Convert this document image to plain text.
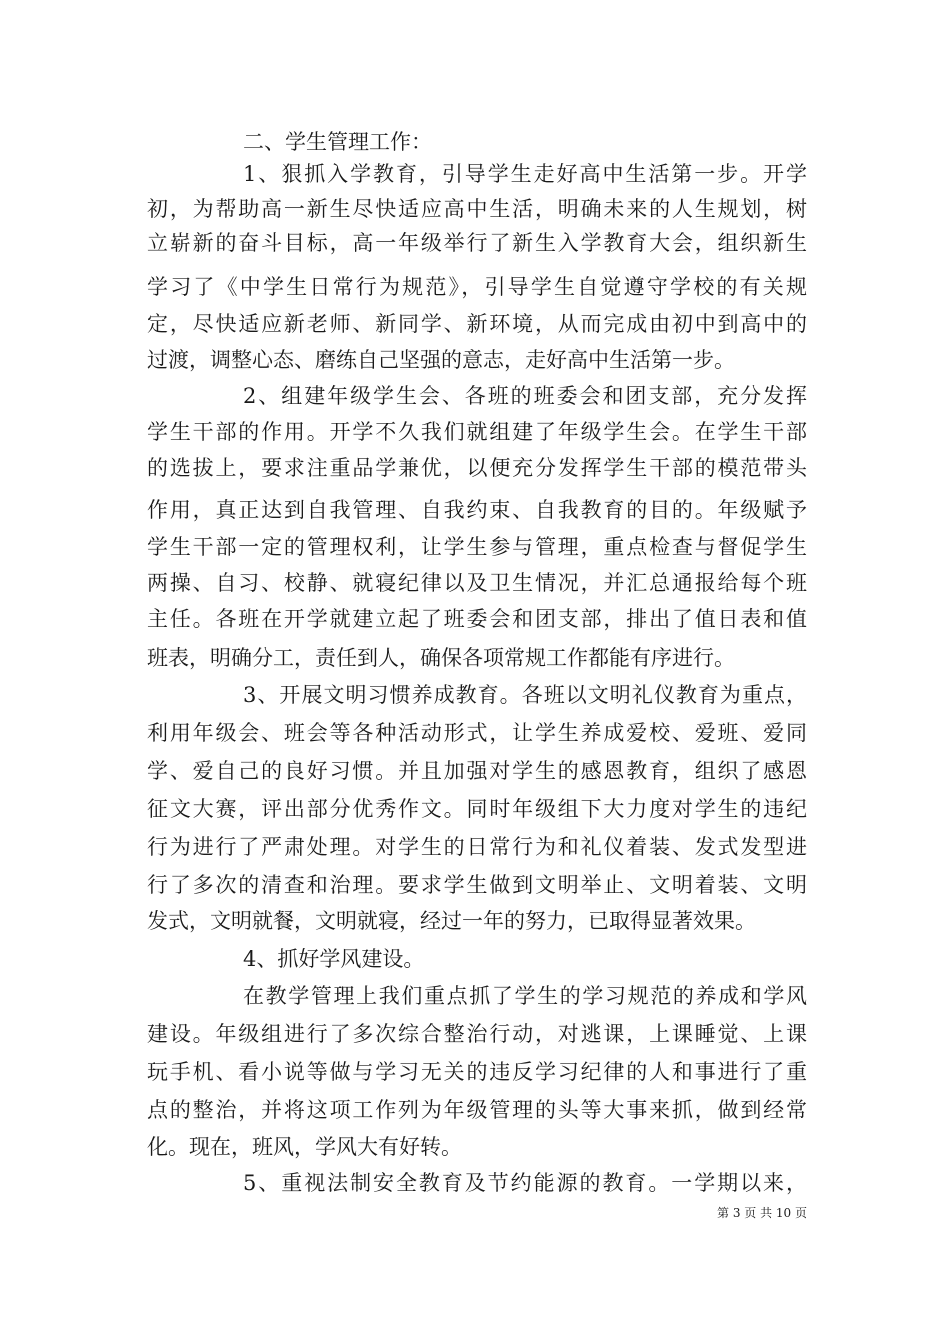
二、学生管理工作：
1、狠抓入学教育，引导学生走好高中生活第一步。开学
初，为帮助高一新生尽快适应高中生活，明确未来的人生规划，树
立崭新的奋斗目标，高一年级举行了新生入学教育大会，组织新生
学习了《中学生日常行为规范》，引导学生自觉遵守学校的有关规
定，尽快适应新老师、新同学、新环境，从而完成由初中到高中的
过渡，调整心态、磨练自己坚强的意志，走好高中生活第一步。
2、组建年级学生会、各班的班委会和团支部，充分发挥
学生干部的作用。开学不久我们就组建了年级学生会。在学生干部
的选拔上，要求注重品学兼优，以便充分发挥学生干部的模范带头
作用，真正达到自我管理、自我约束、自我教育的目的。年级赋予
学生干部一定的管理权利，让学生参与管理，重点检查与督促学生
两操、自习、校静、就寝纪律以及卫生情况，并汇总通报给每个班
主任。各班在开学就建立起了班委会和团支部，排出了值日表和值
班表，明确分工，责任到人，确保各项常规工作都能有序进行。
3、开展文明习惯养成教育。各班以文明礼仪教育为重点，
利用年级会、班会等各种活动形式，让学生养成爱校、爱班、爱同
学、爱自己的良好习惯。并且加强对学生的感恩教育，组织了感恩
征文大赛，评出部分优秀作文。同时年级组下大力度对学生的违纪
行为进行了严肃处理。对学生的日常行为和礼仪着装、发式发型进
行了多次的清查和治理。要求学生做到文明举止、文明着装、文明
发式，文明就餐，文明就寝，经过一年的努力，已取得显著效果。
4、抓好学风建设。
在教学管理上我们重点抓了学生的学习规范的养成和学风
建设。年级组进行了多次综合整治行动，对逃课，上课睡觉、上课
玩手机、看小说等做与学习无关的违反学习纪律的人和事进行了重
点的整治，并将这项工作列为年级管理的头等大事来抓，做到经常
化。现在，班风，学风大有好转。
5、重视法制安全教育及节约能源的教育。一学期以来，
第 3 页 共 10 页
